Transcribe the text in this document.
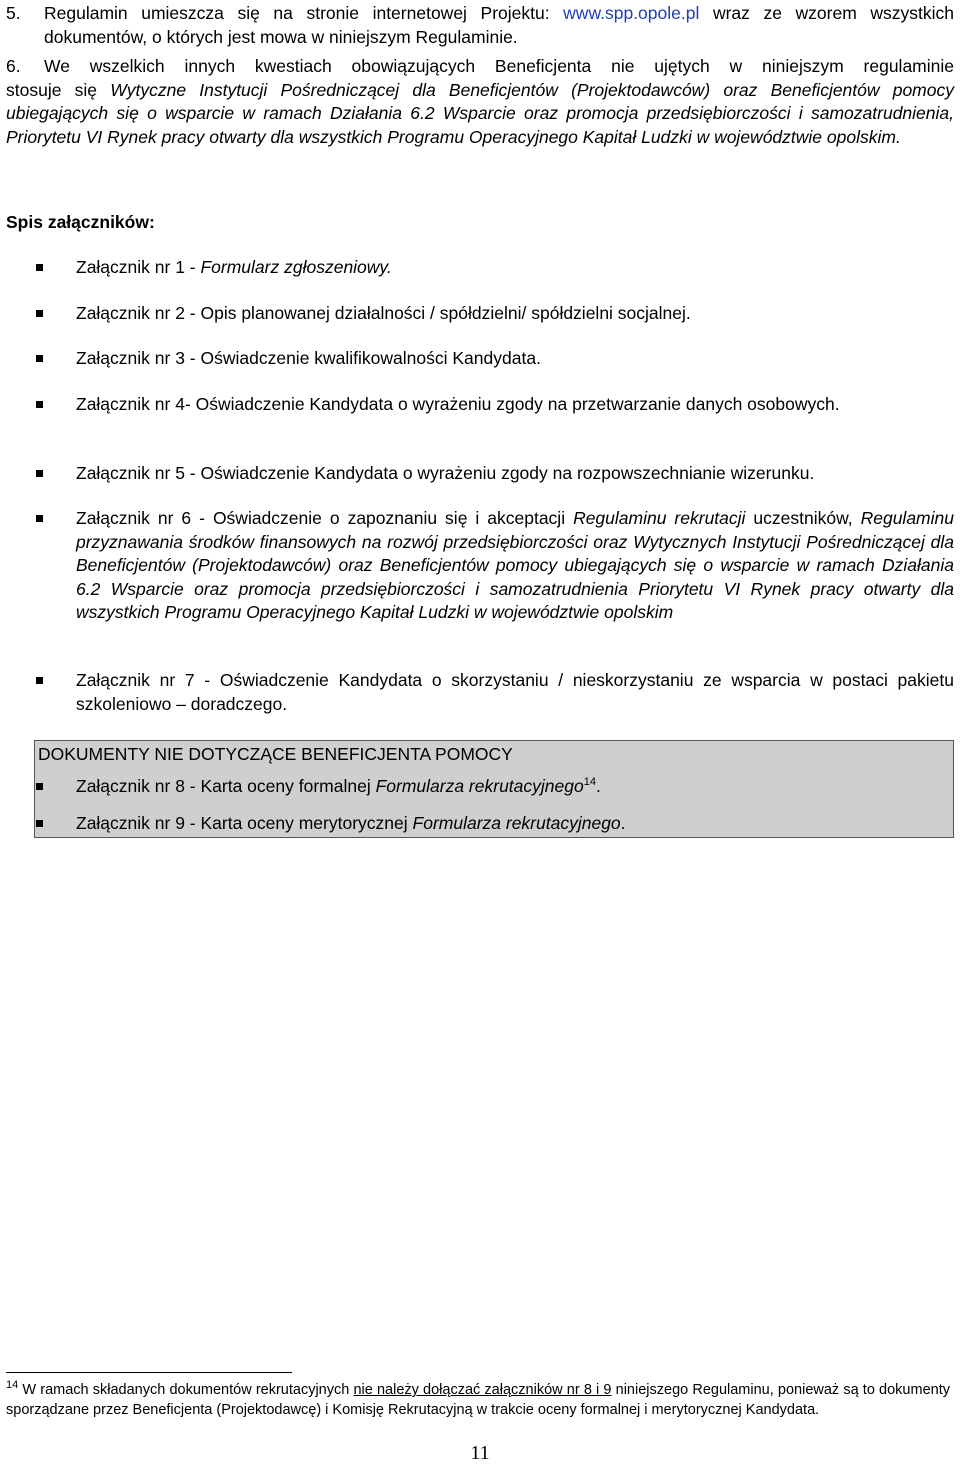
5. Regulamin umieszcza się na stronie internetowej Projektu: www.spp.opole.pl wraz ze wzorem wszystkich dokumentów, o których jest mowa w niniejszym Regulaminie.
6. We wszelkich innych kwestiach obowiązujących Beneficjenta nie ujętych w niniejszym regulaminie
stosuje się Wytyczne Instytucji Pośredniczącej dla Beneficjentów (Projektodawców) oraz Beneficjentów pomocy ubiegających się o wsparcie w ramach Działania 6.2 Wsparcie oraz promocja przedsiębiorczości i samozatrudnienia, Priorytetu VI Rynek pracy otwarty dla wszystkich Programu Operacyjnego Kapitał Ludzki w województwie opolskim.
Spis załączników:
Załącznik nr 1 - Formularz zgłoszeniowy.
Załącznik nr 2 - Opis planowanej działalności / spółdzielni/ spółdzielni socjalnej.
Załącznik nr 3 - Oświadczenie kwalifikowalności Kandydata.
Załącznik nr 4- Oświadczenie Kandydata o wyrażeniu zgody na przetwarzanie danych osobowych.
Załącznik nr 5 - Oświadczenie Kandydata o wyrażeniu zgody na rozpowszechnianie wizerunku.
Załącznik nr 6 - Oświadczenie o zapoznaniu się i akceptacji Regulaminu rekrutacji uczestników, Regulaminu przyznawania środków finansowych na rozwój przedsiębiorczości oraz Wytycznych Instytucji Pośredniczącej dla Beneficjentów (Projektodawców) oraz Beneficjentów pomocy ubiegających się o wsparcie w ramach Działania 6.2 Wsparcie oraz promocja przedsiębiorczości i samozatrudnienia Priorytetu VI Rynek pracy otwarty dla wszystkich Programu Operacyjnego Kapitał Ludzki w województwie opolskim
Załącznik nr 7 - Oświadczenie Kandydata o skorzystaniu / nieskorzystaniu ze wsparcia w postaci pakietu szkoleniowo – doradczego.
DOKUMENTY NIE DOTYCZĄCE BENEFICJENTA POMOCY
Załącznik nr 8 - Karta oceny formalnej Formularza rekrutacyjnego$^{14}$.
Załącznik nr 9 - Karta oceny merytorycznej Formularza rekrutacyjnego.
$^{14}$ W ramach składanych dokumentów rekrutacyjnych nie należy dołączać załączników nr 8 i 9 niniejszego Regulaminu, ponieważ są to dokumenty sporządzane przez Beneficjenta (Projektodawcę) i Komisję Rekrutacyjną w trakcie oceny formalnej i merytorycznej Kandydata.
11
